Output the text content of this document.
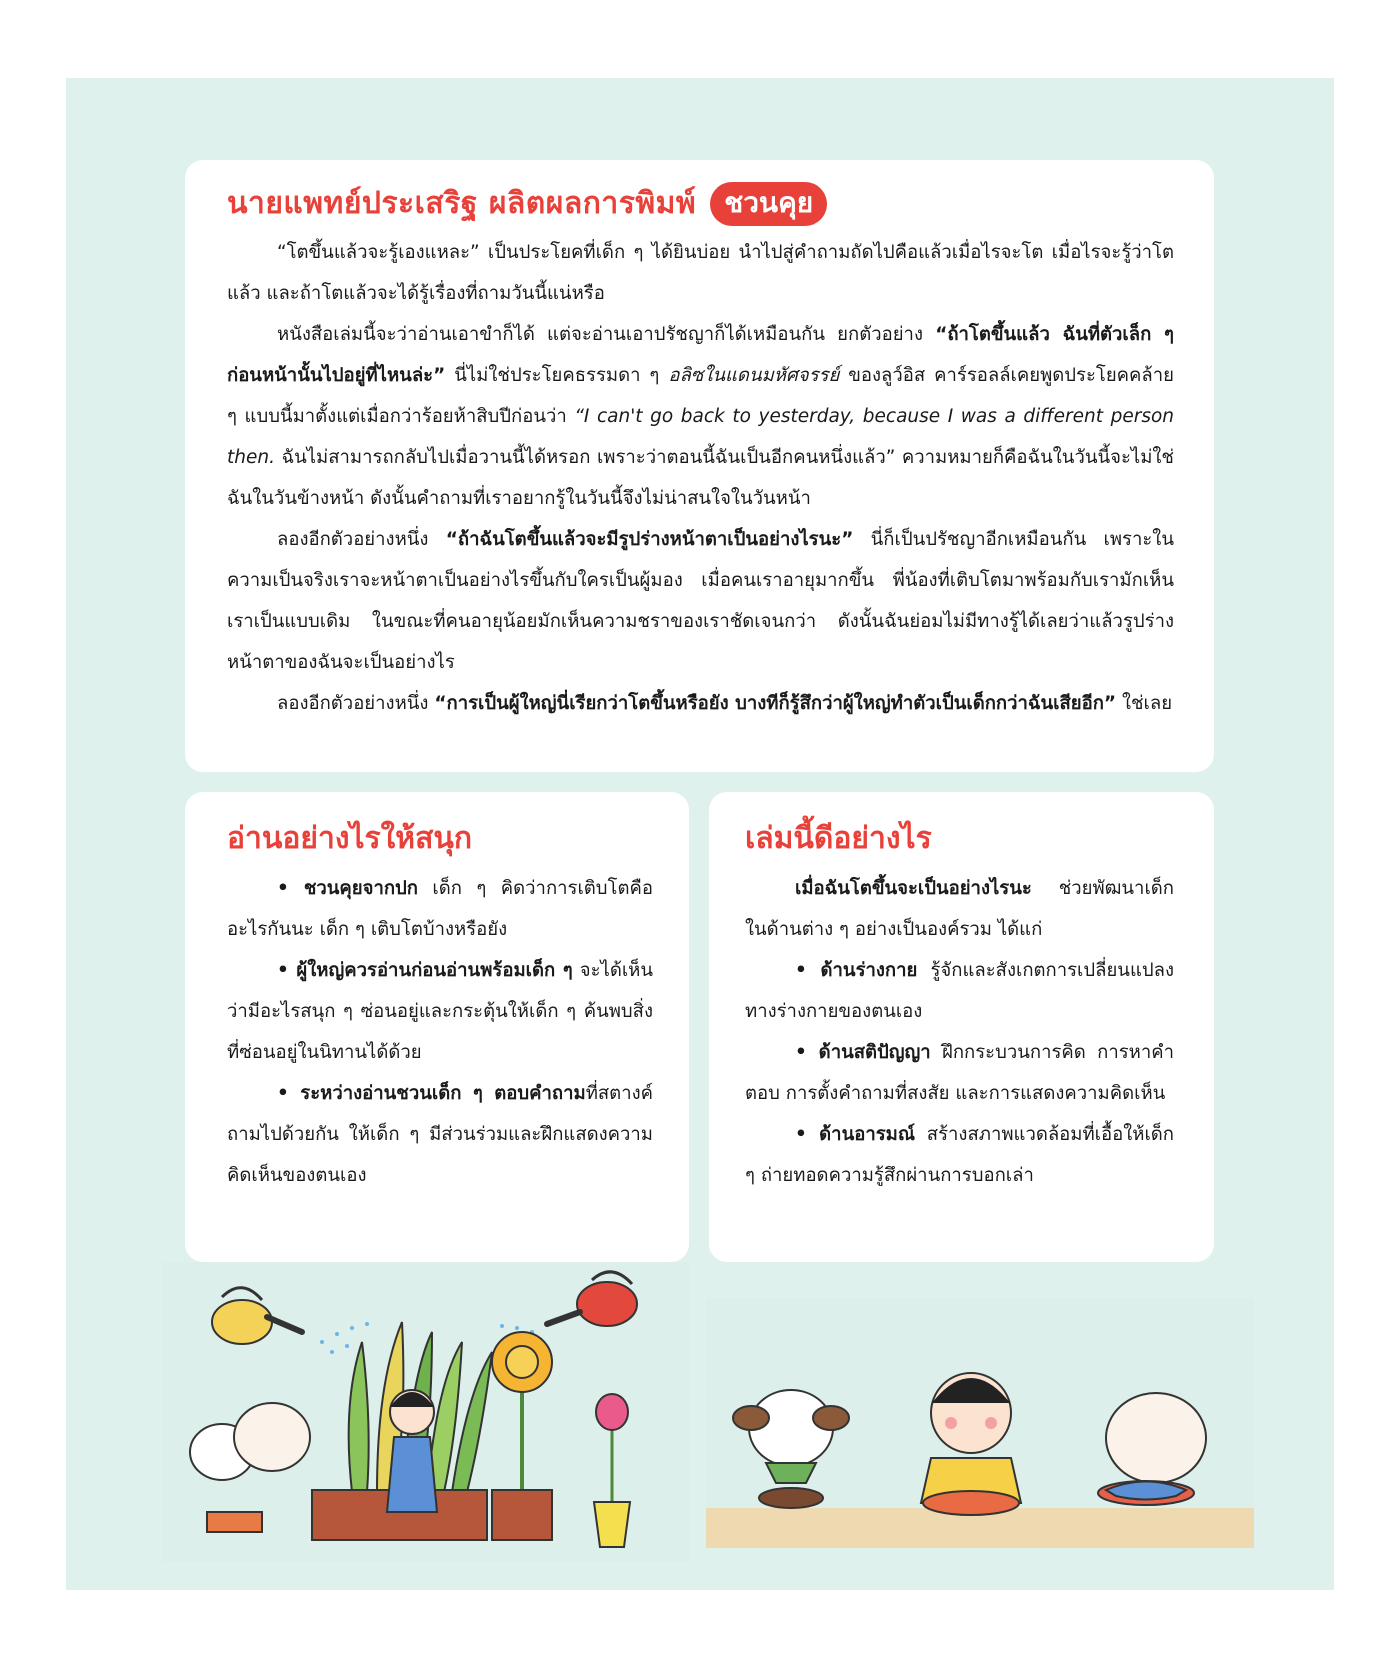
นายแพทย์ประเสริฐ ผลิตผลการพิมพ์	ชวนคุย

“โตขึ้นแล้วจะรู้เองแหละ” เป็นประโยคที่เด็ก ๆ ได้ยินบ่อย นำไปสู่คำถามถัดไปคือแล้วเมื่อไรจะโต เมื่อไรจะรู้ว่าโตแล้ว และถ้าโตแล้วจะได้รู้เรื่องที่ถามวันนี้แน่หรือ

หนังสือเล่มนี้จะว่าอ่านเอาขำก็ได้ แต่จะอ่านเอาปรัชญาก็ได้เหมือนกัน ยกตัวอย่าง “ถ้าโตขึ้นแล้ว ฉันที่ตัวเล็ก ๆ ก่อนหน้านั้นไปอยู่ที่ไหนล่ะ” นี่ไม่ใช่ประโยคธรรมดา ๆ อลิซในแดนมหัศจรรย์ ของลูว์อิส คาร์รอลล์เคยพูดประโยคคล้าย ๆ แบบนี้มาตั้งแต่เมื่อกว่าร้อยห้าสิบปีก่อนว่า “I can't go back to yesterday, because I was a different person then. ฉันไม่สามารถกลับไปเมื่อวานนี้ได้หรอก เพราะว่าตอนนี้ฉันเป็นอีกคนหนึ่งแล้ว” ความหมายก็คือฉันในวันนี้จะไม่ใช่ฉันในวันข้างหน้า ดังนั้นคำถามที่เราอยากรู้ในวันนี้จึงไม่น่าสนใจในวันหน้า

ลองอีกตัวอย่างหนึ่ง “ถ้าฉันโตขึ้นแล้วจะมีรูปร่างหน้าตาเป็นอย่างไรนะ” นี่ก็เป็นปรัชญาอีกเหมือนกัน เพราะในความเป็นจริงเราจะหน้าตาเป็นอย่างไรขึ้นกับใครเป็นผู้มอง เมื่อคนเราอายุมากขึ้น พี่น้องที่เติบโตมาพร้อมกับเรามักเห็นเราเป็นแบบเดิม ในขณะที่คนอายุน้อยมักเห็นความชราของเราชัดเจนกว่า ดังนั้นฉันย่อมไม่มีทางรู้ได้เลยว่าแล้วรูปร่างหน้าตาของฉันจะเป็นอย่างไร

ลองอีกตัวอย่างหนึ่ง “การเป็นผู้ใหญ่นี่เรียกว่าโตขึ้นหรือยัง บางทีก็รู้สึกว่าผู้ใหญ่ทำตัวเป็นเด็กกว่าฉันเสียอีก” ใช่เลย

อ่านอย่างไรให้สนุก

• ชวนคุยจากปก เด็ก ๆ คิดว่าการเติบโตคืออะไรกันนะ เด็ก ๆ เติบโตบ้างหรือยัง

• ผู้ใหญ่ควรอ่านก่อนอ่านพร้อมเด็ก ๆ จะได้เห็นว่ามีอะไรสนุก ๆ ซ่อนอยู่และกระตุ้นให้เด็ก ๆ ค้นพบสิ่งที่ซ่อนอยู่ในนิทานได้ด้วย

• ระหว่างอ่านชวนเด็ก ๆ ตอบคำถามที่สตางค์ถามไปด้วยกัน ให้เด็ก ๆ มีส่วนร่วมและฝึกแสดงความคิดเห็นของตนเอง

เล่มนี้ดีอย่างไร

เมื่อฉันโตขึ้นจะเป็นอย่างไรนะ ช่วยพัฒนาเด็กในด้านต่าง ๆ อย่างเป็นองค์รวม ได้แก่

• ด้านร่างกาย รู้จักและสังเกตการเปลี่ยนแปลงทางร่างกายของตนเอง

• ด้านสติปัญญา ฝึกกระบวนการคิด การหาคำตอบ การตั้งคำถามที่สงสัย และการแสดงความคิดเห็น

• ด้านอารมณ์ สร้างสภาพแวดล้อมที่เอื้อให้เด็ก ๆ ถ่ายทอดความรู้สึกผ่านการบอกเล่า
